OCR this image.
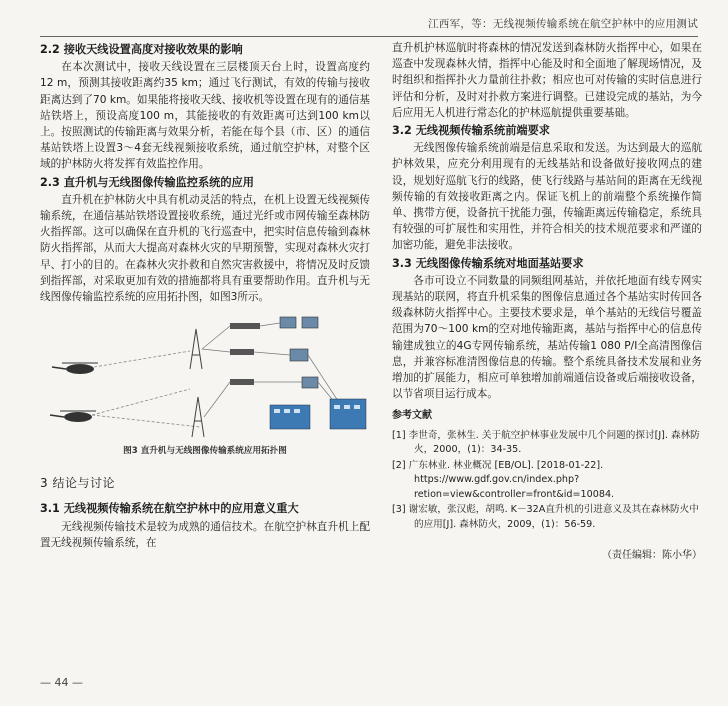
江西军，等：无线视频传输系统在航空护林中的应用测试
2.2 接收天线设置高度对接收效果的影响

在本次测试中，接收天线设置在三层楼顶天台上时，设置高度约12 m，预测其接收距离约35 km；通过飞行测试，有效的传输与接收距离达到了70 km。如果能将接收天线、接收机等设置在现有的通信基站铁塔上，预设高度100 m，其能接收的有效距离可达到100 km以上。按照测试的传输距离与效果分析，若能在每个县（市、区）的通信基站铁塔上设置3～4套无线视频接收系统，通过航空护林，对整个区域的护林防火将发挥有效监控作用。

2.3 直升机与无线图像传输监控系统的应用

直升机在护林防火中具有机动灵活的特点，在机上设置无线视频传输系统，在通信基站铁塔设置接收系统，通过光纤或市网传输至森林防火指挥部。这可以确保在直升机的飞行巡查中，把实时信息传输到森林防火指挥部，从而大大提高对森林火灾的早期预警，实现对森林火灾打早、打小的目的。在森林火灾扑救和自然灾害救援中，将情况及时反馈到指挥部，对采取更加有效的措施都将具有重要帮助作用。直升机与无线图像传输监控系统的应用拓扑图，如图3所示。

图3 直升机与无线图像传输系统应用拓扑图
3 结论与讨论
3.1 无线视频传输系统在航空护林中的应用意义重大

无线视频传输技术是较为成熟的通信技术。在航空护林直升机上配置无线视频传输系统，在

直升机护林巡航时将森林的情况发送到森林防火指挥中心，如果在巡查中发现森林火情，指挥中心能及时和全面地了解现场情况，及时组织和指挥扑火力量前往扑救；相应也可对传输的实时信息进行评估和分析，及时对扑救方案进行调整。已建设完成的基站，为今后应用无人机进行常态化的护林巡航提供重要基础。

3.2 无线视频传输系统前端要求

无线图像传输系统前端是信息采取和发送。为达到最大的巡航护林效果，应充分利用现有的无线基站和设备做好接收网点的建设，规划好巡航飞行的线路，使飞行线路与基站间的距离在无线视频传输的有效接收距离之内。保证飞机上的前端整个系统操作简单、携带方便，设备抗干扰能力强，传输距离远传输稳定，系统具有较强的可扩展性和实用性，并符合相关的技术规范要求和严谨的加密功能，避免非法接收。

3.3 无线图像传输系统对地面基站要求

各市可设立不同数量的同频组网基站，并依托地面有线专网实现基站的联网，将直升机采集的图像信息通过各个基站实时传回各级森林防火指挥中心。主要技术要求是，单个基站的无线信号覆盖范围为70～100 km的空对地传输距离，基站与指挥中心的信息传输建成独立的4G专网传输系统，基站传输1 080 P/I全高清图像信息，并兼容标准清图像信息的传输。整个系统具备技术发展和业务增加的扩展能力，相应可单独增加前端通信设备或后端接收设备，以节省项目运行成本。

参考文献

[1] 李世奇，张林生. 关于航空护林事业发展中几个问题的探讨[J]. 森林防火，2000，(1)：34-35.

[2] 广东林业. 林业概况 [EB/OL]. [2018-01-22]. https://www.gdf.gov.cn/index.php?retion=view&controller=front&id=10084.

[3] 谢宏敏，张汉彪，胡鸣. K－32A直升机的引进意义及其在森林防火中的应用[J]. 森林防火，2009，(1)：56-59.

（责任编辑：陈小华）
— 44 —
